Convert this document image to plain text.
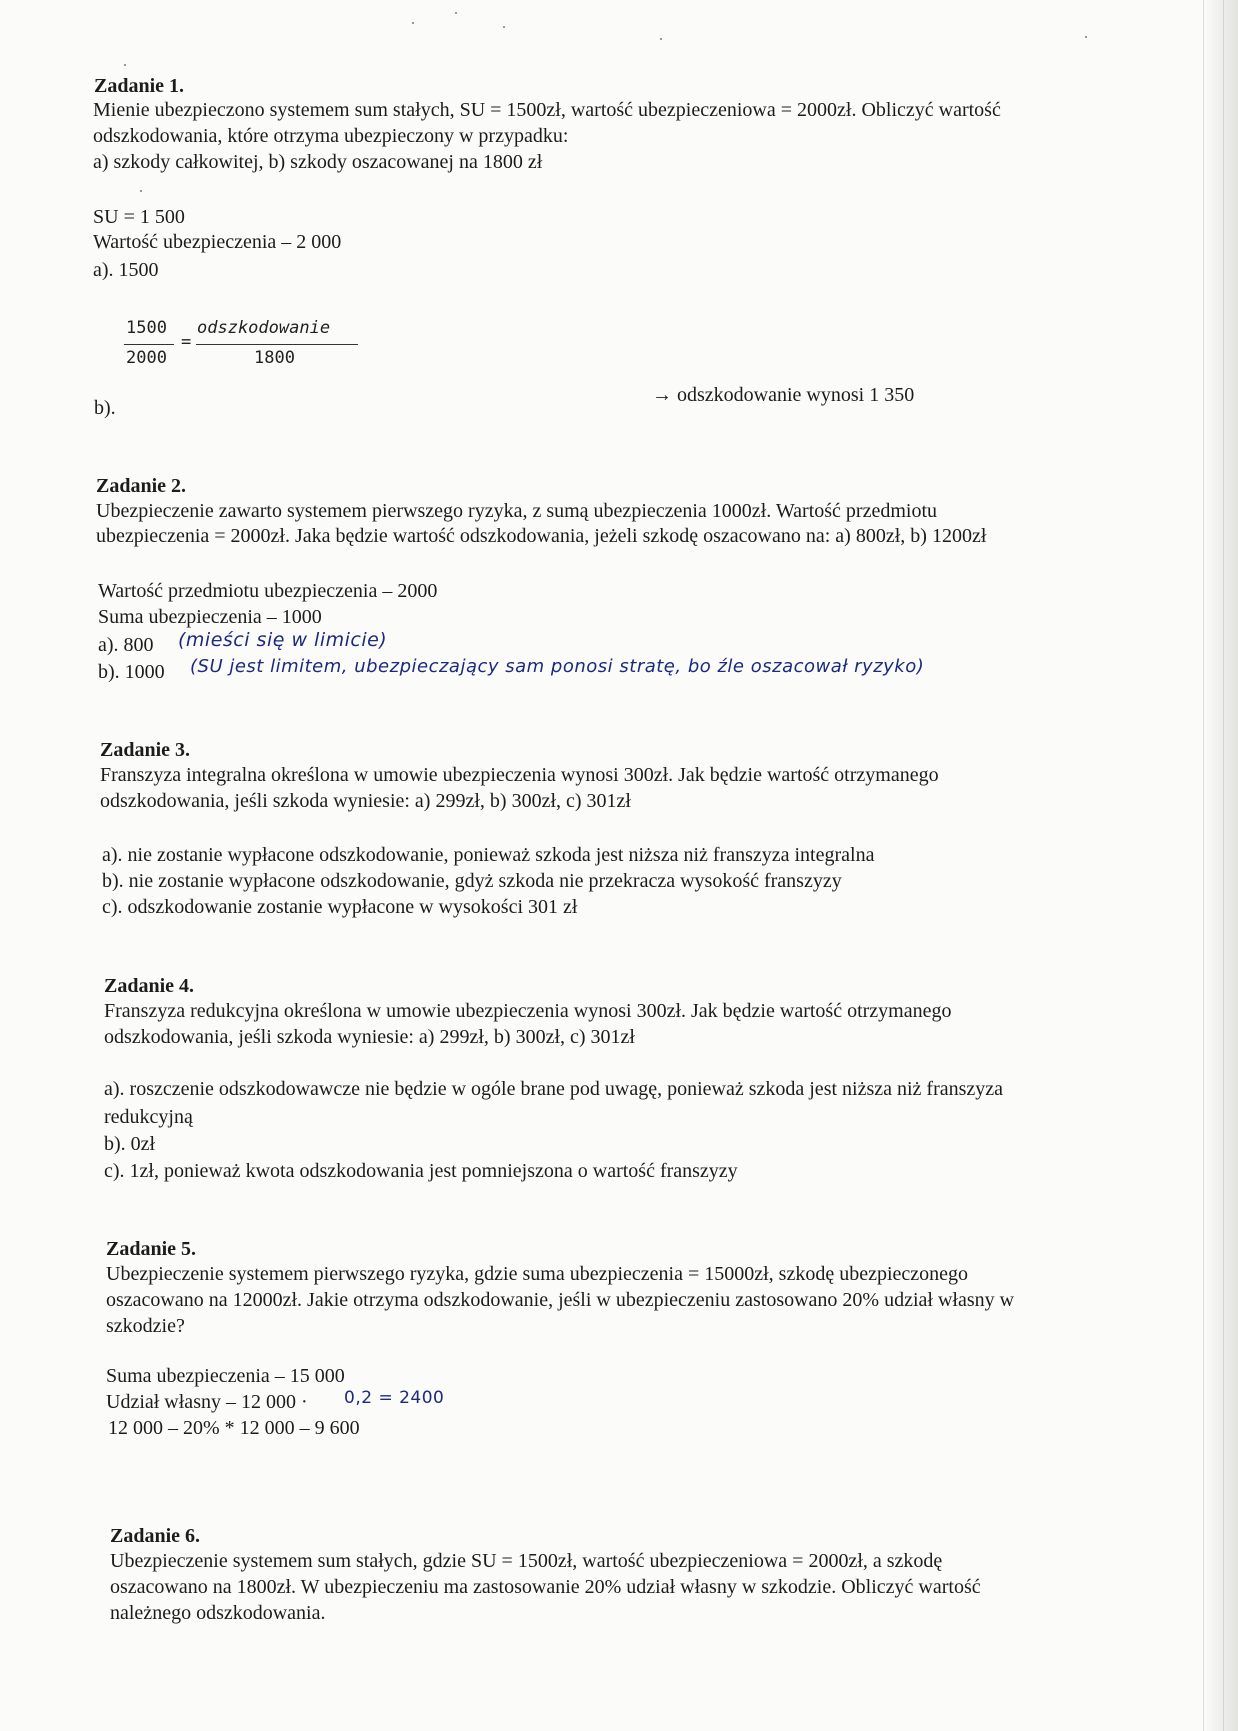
Zadanie 1.
Mienie ubezpieczono systemem sum stałych, SU = 1500zł, wartość ubezpieczeniowa = 2000zł. Obliczyć wartość
odszkodowania, które otrzyma ubezpieczony w przypadku:
a) szkody całkowitej, b) szkody oszacowanej na 1800 zł
SU = 1 500
Wartość ubezpieczenia – 2 000
a). 1500
1500
2000
=
odszkodowanie
1800
b).
→ odszkodowanie wynosi 1 350
Zadanie 2.
Ubezpieczenie zawarto systemem pierwszego ryzyka, z sumą ubezpieczenia 1000zł. Wartość przedmiotu
ubezpieczenia = 2000zł. Jaka będzie wartość odszkodowania, jeżeli szkodę oszacowano na: a) 800zł, b) 1200zł
Wartość przedmiotu ubezpieczenia – 2000
Suma ubezpieczenia – 1000
a). 800 (mieści się w limicie)
b). 1000 (SU jest limitem, ubezpieczający sam ponosi stratę, bo źle oszacował ryzyko)
Zadanie 3.
Franszyza integralna określona w umowie ubezpieczenia wynosi 300zł. Jak będzie wartość otrzymanego
odszkodowania, jeśli szkoda wyniesie: a) 299zł, b) 300zł, c) 301zł
a). nie zostanie wypłacone odszkodowanie, ponieważ szkoda jest niższa niż franszyza integralna
b). nie zostanie wypłacone odszkodowanie, gdyż szkoda nie przekracza wysokość franszyzy
c). odszkodowanie zostanie wypłacone w wysokości 301 zł
Zadanie 4.
Franszyza redukcyjna określona w umowie ubezpieczenia wynosi 300zł. Jak będzie wartość otrzymanego
odszkodowania, jeśli szkoda wyniesie: a) 299zł, b) 300zł, c) 301zł
a). roszczenie odszkodowawcze nie będzie w ogóle brane pod uwagę, ponieważ szkoda jest niższa niż franszyza
redukcyjną
b). 0zł
c). 1zł, ponieważ kwota odszkodowania jest pomniejszona o wartość franszyzy
Zadanie 5.
Ubezpieczenie systemem pierwszego ryzyka, gdzie suma ubezpieczenia = 15000zł, szkodę ubezpieczonego
oszacowano na 12000zł. Jakie otrzyma odszkodowanie, jeśli w ubezpieczeniu zastosowano 20% udział własny w
szkodzie?
Suma ubezpieczenia – 15 000
Udział własny – 12 000 · 0,2 = 2400
12 000 – 20% * 12 000 – 9 600
Zadanie 6.
Ubezpieczenie systemem sum stałych, gdzie SU = 1500zł, wartość ubezpieczeniowa = 2000zł, a szkodę
oszacowano na 1800zł. W ubezpieczeniu ma zastosowanie 20% udział własny w szkodzie. Obliczyć wartość
należnego odszkodowania.
